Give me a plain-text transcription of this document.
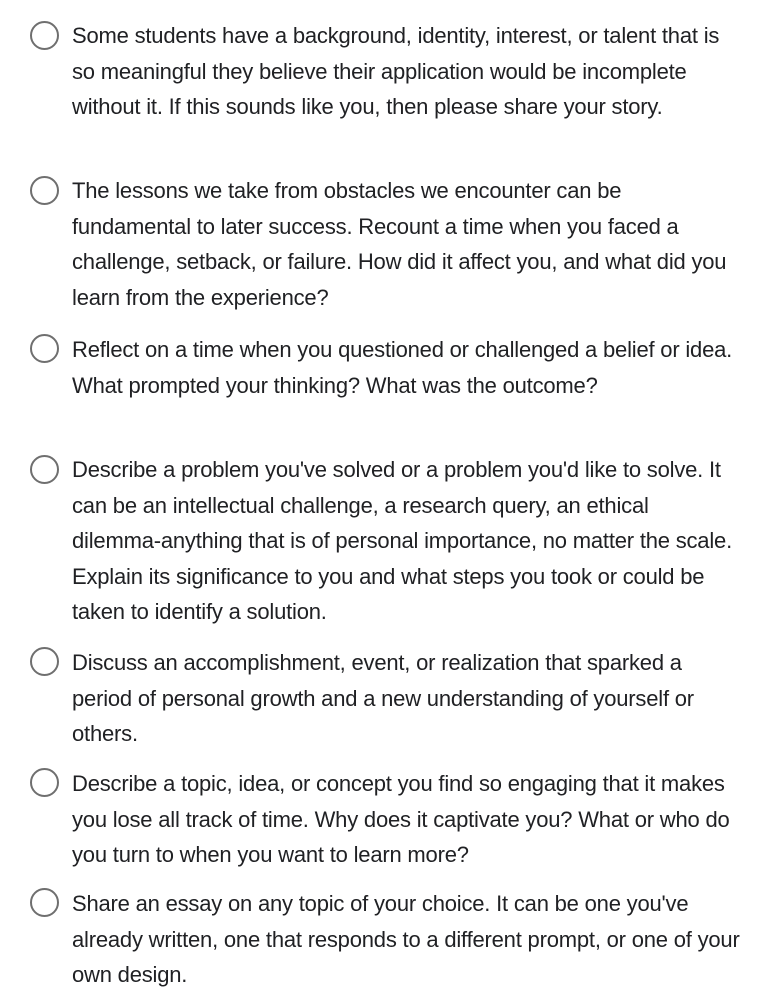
Some students have a background, identity, interest, or talent that is so meaningful they believe their application would be incomplete without it. If this sounds like you, then please share your story.
The lessons we take from obstacles we encounter can be fundamental to later success. Recount a time when you faced a challenge, setback, or failure. How did it affect you, and what did you learn from the experience?
Reflect on a time when you questioned or challenged a belief or idea. What prompted your thinking? What was the outcome?
Describe a problem you've solved or a problem you'd like to solve. It can be an intellectual challenge, a research query, an ethical dilemma-anything that is of personal importance, no matter the scale. Explain its significance to you and what steps you took or could be taken to identify a solution.
Discuss an accomplishment, event, or realization that sparked a period of personal growth and a new understanding of yourself or others.
Describe a topic, idea, or concept you find so engaging that it makes you lose all track of time. Why does it captivate you? What or who do you turn to when you want to learn more?
Share an essay on any topic of your choice. It can be one you've already written, one that responds to a different prompt, or one of your own design.
